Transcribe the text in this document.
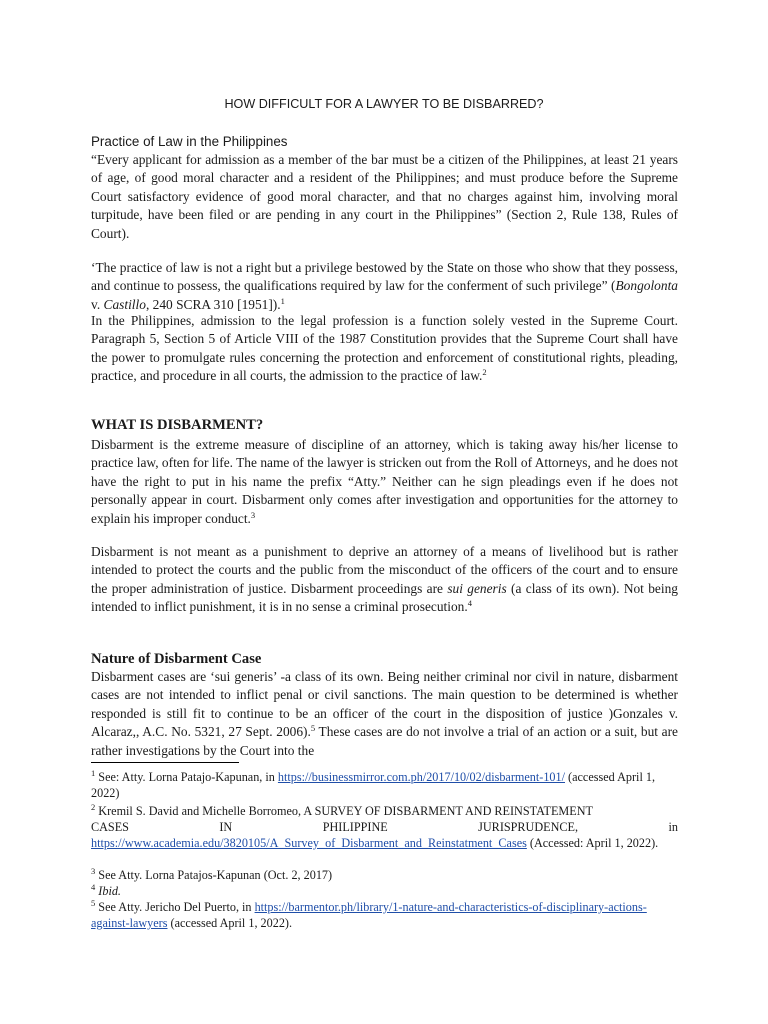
HOW DIFFICULT FOR A LAWYER TO BE DISBARRED?
Practice of Law in the Philippines
“Every applicant for admission as a member of the bar must be a citizen of the Philippines, at least 21 years of age, of good moral character and a resident of the Philippines; and must produce before the Supreme Court satisfactory evidence of good moral character, and that no charges against him, involving moral turpitude, have been filed or are pending in any court in the Philippines” (Section 2, Rule 138, Rules of Court).
‘The practice of law is not a right but a privilege bestowed by the State on those who show that they possess, and continue to possess, the qualifications required by law for the conferment of such privilege” (Bongolonta v. Castillo, 240 SCRA 310 [1951]).$^1$
In the Philippines, admission to the legal profession is a function solely vested in the Supreme Court. Paragraph 5, Section 5 of Article VIII of the 1987 Constitution provides that the Supreme Court shall have the power to promulgate rules concerning the protection and enforcement of constitutional rights, pleading, practice, and procedure in all courts, the admission to the practice of law.$^2$
WHAT IS DISBARMENT?
Disbarment is the extreme measure of discipline of an attorney, which is taking away his/her license to practice law, often for life. The name of the lawyer is stricken out from the Roll of Attorneys, and he does not have the right to put in his name the prefix “Atty.” Neither can he sign pleadings even if he does not personally appear in court. Disbarment only comes after investigation and opportunities for the attorney to explain his improper conduct.$^3$
Disbarment is not meant as a punishment to deprive an attorney of a means of livelihood but is rather intended to protect the courts and the public from the misconduct of the officers of the court and to ensure the proper administration of justice. Disbarment proceedings are sui generis (a class of its own). Not being intended to inflict punishment, it is in no sense a criminal prosecution.$^4$
Nature of Disbarment Case
Disbarment cases are ‘sui generis’ -a class of its own. Being neither criminal nor civil in nature, disbarment cases are not intended to inflict penal or civil sanctions. The main question to be determined is whether responded is still fit to continue to be an officer of the court in the disposition of justice )Gonzales v. Alcaraz,, A.C. No. 5321, 27 Sept. 2006).$^5$ These cases are do not involve a trial of an action or a suit, but are rather investigations by the Court into the
$^1$ See: Atty. Lorna Patajo-Kapunan, in https://businessmirror.com.ph/2017/10/02/disbarment-101/ (accessed April 1, 2022)
$^2$ Kremil S. David and Michelle Borromeo, A SURVEY OF DISBARMENT AND REINSTATEMENT
CASES	IN	PHILIPPINE	JURISPRUDENCE,	in
https://www.academia.edu/3820105/A_Survey_of_Disbarment_and_Reinstatment_Cases (Accessed: April 1, 2022).
$^3$ See Atty. Lorna Patajos-Kapunan (Oct. 2, 2017)
$^4$ Ibid.
$^5$ See Atty. Jericho Del Puerto, in https://barmentor.ph/library/1-nature-and-characteristics-of-disciplinary-actions-against-lawyers (accessed April 1, 2022).
